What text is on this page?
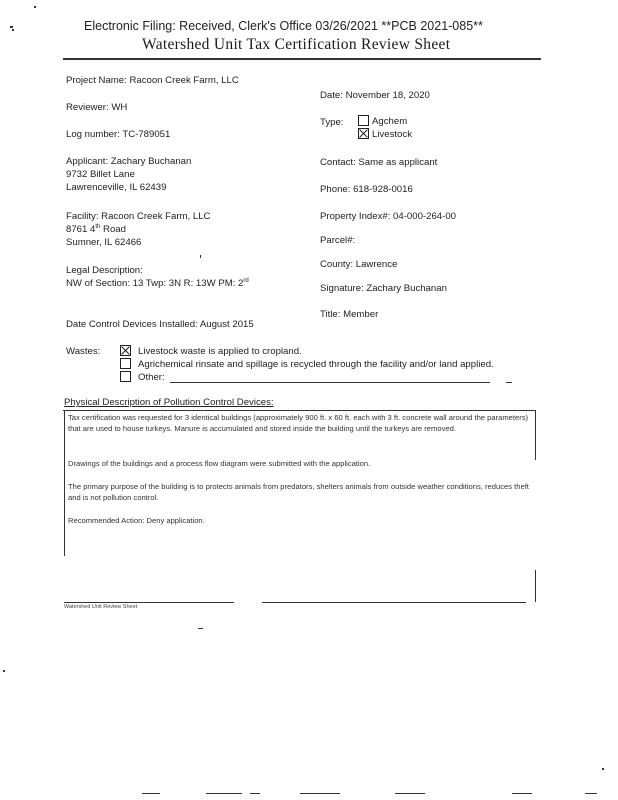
Electronic Filing: Received, Clerk's Office 03/26/2021 **PCB 2021-085**
Watershed Unit Tax Certification Review Sheet
Project Name: Racoon Creek Farm, LLC
Reviewer: WH
Log number: TC-789051
Applicant: Zachary Buchanan
9732 Billet Lane
Lawrenceville, IL 62439
Facility: Racoon Creek Farm, LLC
8761 4th Road
Sumner, IL 62466
Legal Description:
NW of Section: 13 Twp: 3N R: 13W PM: 2rd
Date Control Devices Installed: August 2015
Date: November 18, 2020
Type:	Agchem
Livestock
Contact: Same as applicant
Phone: 618-928-0016
Property Index#: 04-000-264-00
Parcel#:
County: Lawrence
Signature: Zachary Buchanan
Title: Member
Wastes:	Livestock waste is applied to cropland.
Agrichemical rinsate and spillage is recycled through the facility and/or land applied.
Other:
Physical Description of Pollution Control Devices:
Tax certification was requested for 3 identical buildings (approximately 900 ft. x 60 ft. each with 3 ft. concrete wall around the parameters) that are used to house turkeys. Manure is accumulated and stored inside the building until the turkeys are removed.
Drawings of the buildings and a process flow diagram were submitted with the application.
The primary purpose of the building is to protects animals from predators, shelters animals from outside weather conditions, reduces theft and is not pollution control.
Recommended Action: Deny application.
Watershed Unit Review Sheet
